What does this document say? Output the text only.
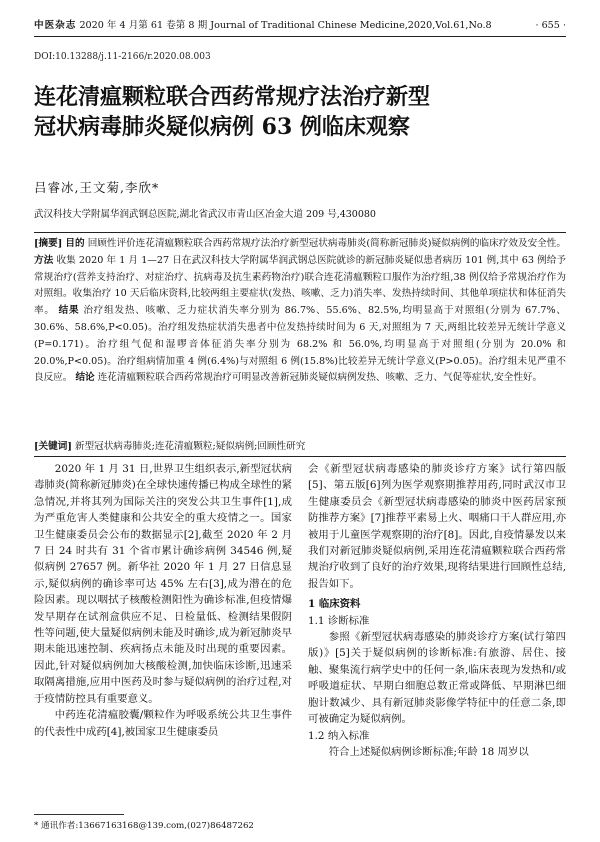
中医杂志 2020 年 4 月第 61 卷第 8 期 Journal of Traditional Chinese Medicine,2020,Vol.61,No.8	· 655 ·
DOI:10.13288/j.11-2166/r.2020.08.003
连花清瘟颗粒联合西药常规疗法治疗新型
冠状病毒肺炎疑似病例 63 例临床观察
吕睿冰,王文菊,李欣*
武汉科技大学附属华润武钢总医院,湖北省武汉市青山区冶金大道 209 号,430080
[摘要] 目的 回顾性评价连花清瘟颗粒联合西药常规疗法治疗新型冠状病毒肺炎(简称新冠肺炎)疑似病例的临床疗效及安全性。 方法 收集 2020 年 1 月 1—27 日在武汉科技大学附属华润武钢总医院就诊的新冠肺炎疑似患者病历 101 例,其中 63 例给予常规治疗(营养支持治疗、对症治疗、抗病毒及抗生素药物治疗)联合连花清瘟颗粒口服作为治疗组,38 例仅给予常规治疗作为对照组。收集治疗 10 天后临床资料,比较两组主要症状(发热、咳嗽、乏力)消失率、发热持续时间、其他单项症状和体征消失率。 结果 治疗组发热、咳嗽、乏力症状消失率分别为 86.7%、55.6%、82.5%,均明显高于对照组(分别为 67.7%、30.6%、58.6%,P<0.05)。治疗组发热症状消失患者中位发热持续时间为 6 天,对照组为 7 天,两组比较差异无统计学意义(P=0.171)。治疗组气促和湿啰音体征消失率分别为 68.2% 和 56.0%,均明显高于对照组(分别为 20.0% 和 20.0%,P<0.05)。治疗组病情加重 4 例(6.4%)与对照组 6 例(15.8%)比较差异无统计学意义(P>0.05)。治疗组未见严重不良反应。 结论 连花清瘟颗粒联合西药常规治疗可明显改善新冠肺炎疑似病例发热、咳嗽、乏力、气促等症状,安全性好。
[关键词] 新型冠状病毒肺炎;连花清瘟颗粒;疑似病例;回顾性研究

2020 年 1 月 31 日,世界卫生组织表示,新型冠状病毒肺炎(简称新冠肺炎)在全球快速传播已构成全球性的紧急情况,并将其列为国际关注的突发公共卫生事件[1],成为严重危害人类健康和公共安全的重大疫情之一。国家卫生健康委员会公布的数据显示[2],截至 2020 年 2 月 7 日 24 时共有 31 个省市累计确诊病例 34546 例,疑似病例 27657 例。新华社 2020 年 1 月 27 日信息显示,疑似病例的确诊率可达 45% 左右[3],成为潜在的危险因素。现以咽拭子核酸检测阳性为确诊标准,但疫情爆发早期存在试剂盒供应不足、日检量低、检测结果假阴性等问题,使大量疑似病例未能及时确诊,成为新冠肺炎早期未能迅速控制、疾病扬点未能及时出现的重要因素。因此,针对疑似病例加大核酸检测,加快临床诊断,迅速采取隔离措施,应用中医药及时参与疑似病例的治疗过程,对于疫情防控具有重要意义。

中药连花清瘟胶囊/颗粒作为呼吸系统公共卫生事件的代表性中成药[4],被国家卫生健康委员

会《新型冠状病毒感染的肺炎诊疗方案》试行第四版[5]、第五版[6]列为医学观察期推荐用药,同时武汉市卫生健康委员会《新型冠状病毒感染的肺炎中医药居家预防推荐方案》[7]推荐平素易上火、咽痛口干人群应用,亦被用于儿童医学观察期的治疗[8]。因此,自疫情暴发以来我们对新冠肺炎疑似病例,采用连花清瘟颗粒联合西药常规治疗收到了良好的治疗效果,现将结果进行回顾性总结,报告如下。

1 临床资料

1.1 诊断标准

参照《新型冠状病毒感染的肺炎诊疗方案(试行第四版)》[5]关于疑似病例的诊断标准:有旅游、居住、接触、聚集流行病学史中的任何一条,临床表现为发热和/或呼吸道症状、早期白细胞总数正常或降低、早期淋巴细胞计数减少、具有新冠肺炎影像学特征中的任意二条,即可被确定为疑似病例。

1.2 纳入标准

符合上述疑似病例诊断标准;年龄 18 周岁以

* 通讯作者:13667163168@139.com,(027)86487262
